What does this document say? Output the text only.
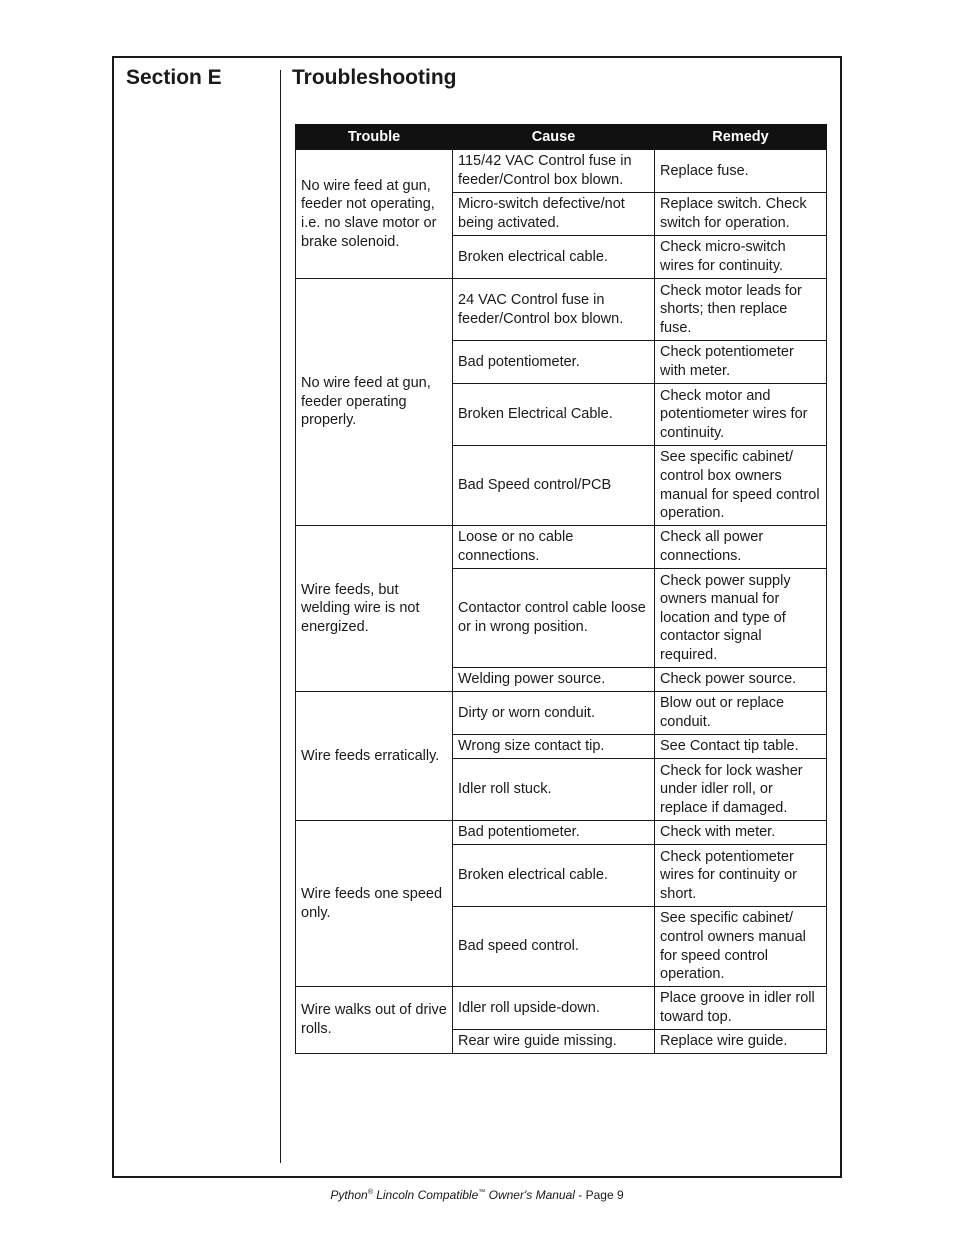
Section E	Troubleshooting
Trouble	Cause	Remedy
No wire feed at gun, feeder not operating, i.e. no slave motor or brake solenoid.	115/42 VAC Control fuse in feeder/Control box blown.	Replace fuse.
	Micro-switch defective/not being activated.	Replace switch. Check switch for operation.
	Broken electrical cable.	Check micro-switch wires for continuity.
No wire feed at gun, feeder operating properly.	24 VAC Control fuse in feeder/Control box blown.	Check motor leads for shorts; then replace fuse.
	Bad potentiometer.	Check potentiometer with meter.
	Broken Electrical Cable.	Check motor and potentiometer wires for continuity.
	Bad Speed control/PCB	See specific cabinet/ control box owners manual for speed control operation.
Wire feeds, but welding wire is not energized.	Loose or no cable connections.	Check all power connections.
	Contactor control cable loose or in wrong position.	Check power supply owners manual for location and type of contactor signal required.
	Welding power source.	Check power source.
Wire feeds erratically.	Dirty or worn conduit.	Blow out or replace conduit.
	Wrong size contact tip.	See Contact tip table.
	Idler roll stuck.	Check for lock washer under idler roll, or replace if damaged.
Wire feeds one speed only.	Bad potentiometer.	Check with meter.
	Broken electrical cable.	Check potentiometer wires for continuity or short.
	Bad speed control.	See specific cabinet/ control owners manual for speed control operation.
Wire walks out of drive rolls.	Idler roll upside-down.	Place groove in idler roll toward top.
	Rear wire guide missing.	Replace wire guide.
Python® Lincoln Compatible™ Owner's Manual - Page 9
